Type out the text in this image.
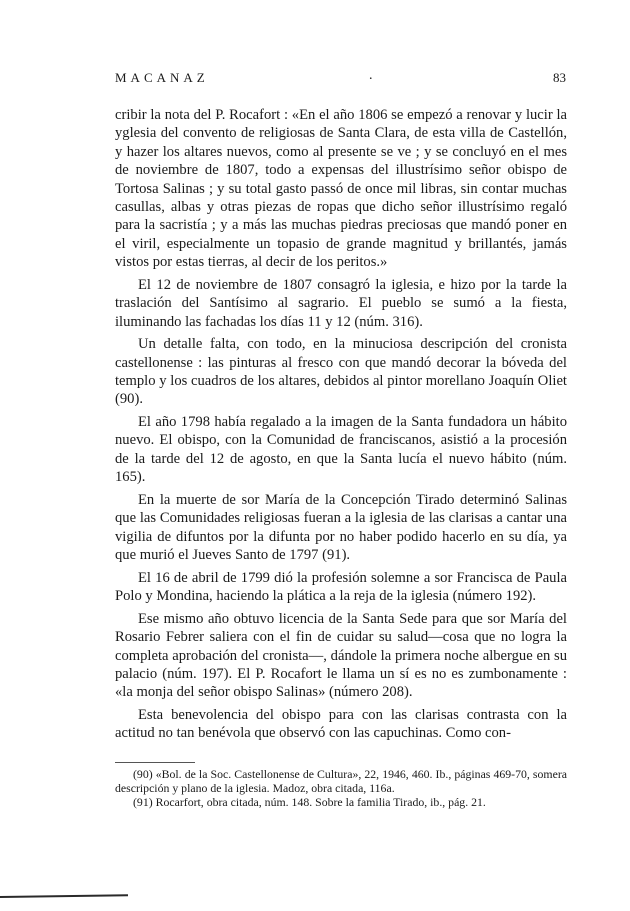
MACANAZ	.	83

cribir la nota del P. Rocafort : «En el año 1806 se empezó a renovar y lucir la yglesia del convento de religiosas de Santa Clara, de esta villa de Castellón, y hazer los altares nuevos, como al presente se ve ; y se concluyó en el mes de noviembre de 1807, todo a expensas del illustrísimo señor obispo de Tortosa Salinas ; y su total gasto passó de once mil libras, sin contar muchas casullas, albas y otras piezas de ropas que dicho señor illustrísimo regaló para la sacristía ; y a más las muchas piedras preciosas que mandó poner en el viril, especialmente un topasio de grande magnitud y brillantés, jamás vistos por estas tierras, al decir de los peritos.»

El 12 de noviembre de 1807 consagró la iglesia, e hizo por la tarde la traslación del Santísimo al sagrario. El pueblo se sumó a la fiesta, iluminando las fachadas los días 11 y 12 (núm. 316).

Un detalle falta, con todo, en la minuciosa descripción del cronista castellonense : las pinturas al fresco con que mandó decorar la bóveda del templo y los cuadros de los altares, debidos al pintor morellano Joaquín Oliet (90).

El año 1798 había regalado a la imagen de la Santa fundadora un hábito nuevo. El obispo, con la Comunidad de franciscanos, asistió a la procesión de la tarde del 12 de agosto, en que la Santa lucía el nuevo hábito (núm. 165).

En la muerte de sor María de la Concepción Tirado determinó Salinas que las Comunidades religiosas fueran a la iglesia de las clarisas a cantar una vigilia de difuntos por la difunta por no haber podido hacerlo en su día, ya que murió el Jueves Santo de 1797 (91).

El 16 de abril de 1799 dió la profesión solemne a sor Francisca de Paula Polo y Mondina, haciendo la plática a la reja de la iglesia (número 192).

Ese mismo año obtuvo licencia de la Santa Sede para que sor María del Rosario Febrer saliera con el fin de cuidar su salud—cosa que no logra la completa aprobación del cronista—, dándole la primera noche albergue en su palacio (núm. 197). El P. Rocafort le llama un sí es no es zumbonamente : «la monja del señor obispo Salinas» (número 208).

Esta benevolencia del obispo para con las clarisas contrasta con la actitud no tan benévola que observó con las capuchinas. Como con-

(90) «Bol. de la Soc. Castellonense de Cultura», 22, 1946, 460. Ib., páginas 469-70, somera descripción y plano de la iglesia. Madoz, obra citada, 116a.

(91) Rocarfort, obra citada, núm. 148. Sobre la familia Tirado, ib., pág. 21.
